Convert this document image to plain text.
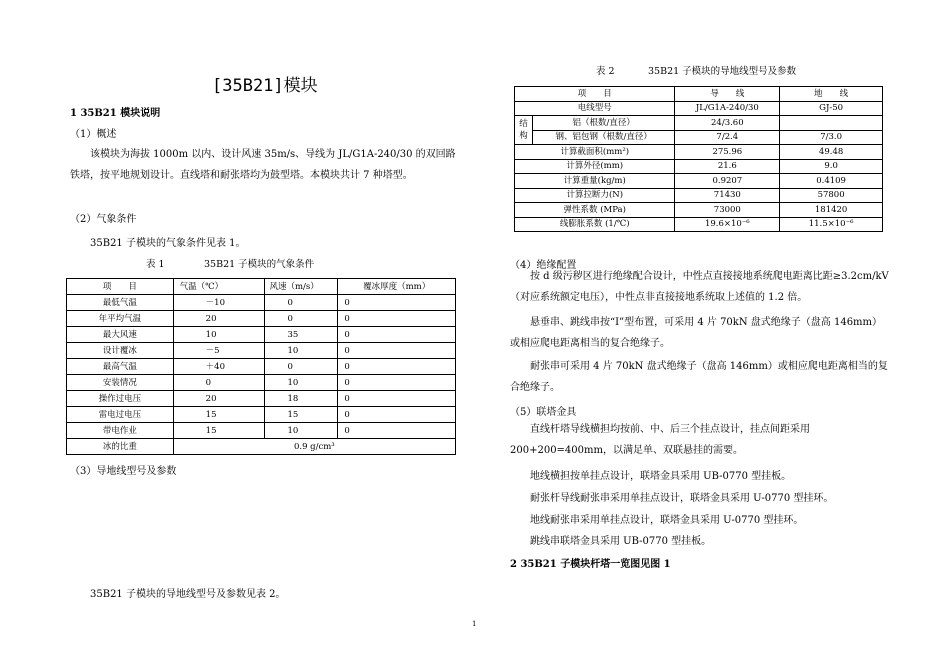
[35B21]模块
1 35B21 模块说明
（1）概述
该模块为海拔 1000m 以内、设计风速 35m/s、导线为 JL/G1A-240/30 的双回路铁塔，按平地规划设计。直线塔和耐张塔均为鼓型塔。本模块共计 7 种塔型。
（2）气象条件
35B21 子模块的气象条件见表 1。
表 1	35B21 子模块的气象条件
项　　目	气温（℃）	风速（m/s）	覆冰厚度（mm）
最低气温	－10	0	0
年平均气温	20	0	0
最大风速	10	35	0
设计覆冰	－5	10	0
最高气温	＋40	0	0
安装情况	0	10	0
操作过电压	20	18	0
雷电过电压	15	15	0
带电作业	15	10	0
冰的比重	0.9 g/cm³		
（3）导地线型号及参数
35B21 子模块的导地线型号及参数见表 2。
表 2	35B21 子模块的导地线型号及参数
项　　目		导　　线	地　　线
电线型号		JL/G1A-240/30	GJ-50
结构	铝（根数/直径）	24/3.60	
	钢、铝包钢（根数/直径）	7/2.4	7/3.0
计算截面积(mm²)		275.96	49.48
计算外径(mm)		21.6	9.0
计算重量(kg/m)		0.9207	0.4109
计算拉断力(N)		71430	57800
弹性系数 (MPa)		73000	181420
线膨胀系数 (1/℃)		19.6×10⁻⁶	11.5×10⁻⁶
（4）绝缘配置
按 d 级污秽区进行绝缘配合设计，中性点直接接地系统爬电距离比距≥3.2cm/kV（对应系统额定电压），中性点非直接接地系统取上述值的 1.2 倍。
悬垂串、跳线串按“I”型布置，可采用 4 片 70kN 盘式绝缘子（盘高 146mm）或相应爬电距离相当的复合绝缘子。
耐张串可采用 4 片 70kN 盘式绝缘子（盘高 146mm）或相应爬电距离相当的复合绝缘子。
（5）联塔金具
直线杆塔导线横担均按前、中、后三个挂点设计，挂点间距采用 200+200=400mm，以满足单、双联悬挂的需要。
地线横担按单挂点设计，联塔金具采用 UB-0770 型挂板。
耐张杆导线耐张串采用单挂点设计，联塔金具采用 U-0770 型挂环。
地线耐张串采用单挂点设计，联塔金具采用 U-0770 型挂环。
跳线串联塔金具采用 UB-0770 型挂板。
2 35B21 子模块杆塔一览图见图 1
1
